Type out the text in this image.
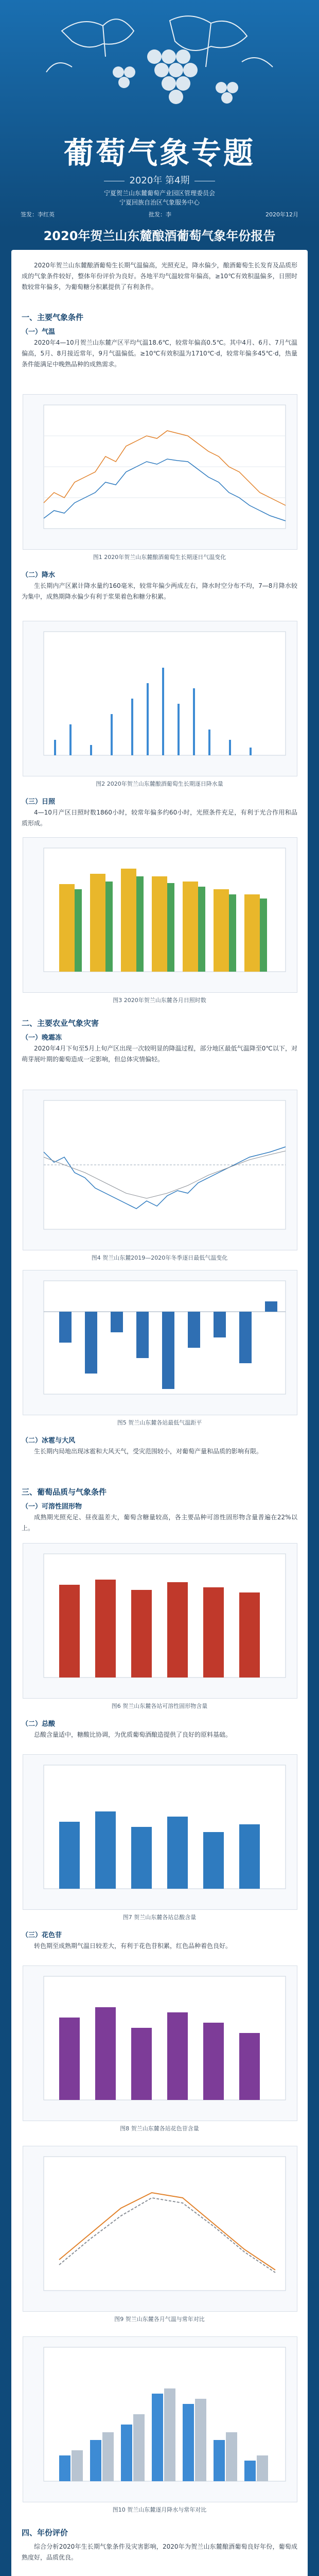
葡萄气象专题
2020年 第4期
宁夏贺兰山东麓葡萄产业园区管理委员会
宁夏回族自治区气象服务中心
签发：李红英	批发：李	2020年12月
2020年贺兰山东麓酿酒葡萄气象年份报告
2020年贺兰山东麓酿酒葡萄生长期气温偏高，光照充足，降水偏少，酿酒葡萄生长发育及品质形成的气象条件较好，整体年份评价为良好。各地平均气温较常年偏高，≥10℃有效积温偏多，日照时数较常年偏多，为葡萄糖分积累提供了有利条件。
一、主要气象条件
（一）气温
2020年4—10月贺兰山东麓产区平均气温18.6℃，较常年偏高0.5℃。其中4月、6月、7月气温偏高，5月、8月接近常年，9月气温偏低。≥10℃有效积温为1710℃·d，较常年偏多45℃·d，热量条件能满足中晚熟品种的成熟需求。
图1 2020年贺兰山东麓酿酒葡萄生长期逐日气温变化
（二）降水
生长期内产区累计降水量约160毫米，较常年偏少两成左右，降水时空分布不均，7—8月降水较为集中，成熟期降水偏少有利于浆果着色和糖分积累。
图2 2020年贺兰山东麓酿酒葡萄生长期逐日降水量
（三）日照
4—10月产区日照时数1860小时，较常年偏多约60小时，光照条件充足，有利于光合作用和品质形成。
图3 2020年贺兰山东麓各月日照时数
二、主要农业气象灾害
（一）晚霜冻
2020年4月下旬至5月上旬产区出现一次较明显的降温过程，部分地区最低气温降至0℃以下，对萌芽展叶期的葡萄造成一定影响，但总体灾情偏轻。
图4 贺兰山东麓2019—2020年冬季逐日最低气温变化
图5 贺兰山东麓各站最低气温距平
（二）冰雹与大风
生长期内局地出现冰雹和大风天气，受灾范围较小，对葡萄产量和品质的影响有限。
三、葡萄品质与气象条件
（一）可溶性固形物
成熟期光照充足、昼夜温差大，葡萄含糖量较高，各主要品种可溶性固形物含量普遍在22%以上。
图6 贺兰山东麓各站可溶性固形物含量
（二）总酸
总酸含量适中，糖酸比协调，为优质葡萄酒酿造提供了良好的原料基础。
图7 贺兰山东麓各站总酸含量
（三）花色苷
转色期至成熟期气温日较差大，有利于花色苷积累，红色品种着色良好。
图8 贺兰山东麓各站花色苷含量
图9 贺兰山东麓各月气温与常年对比
图10 贺兰山东麓逐月降水与常年对比
四、年份评价
综合分析2020年生长期气象条件及灾害影响，2020年为贺兰山东麓酿酒葡萄良好年份，葡萄成熟度好，品质优良。
